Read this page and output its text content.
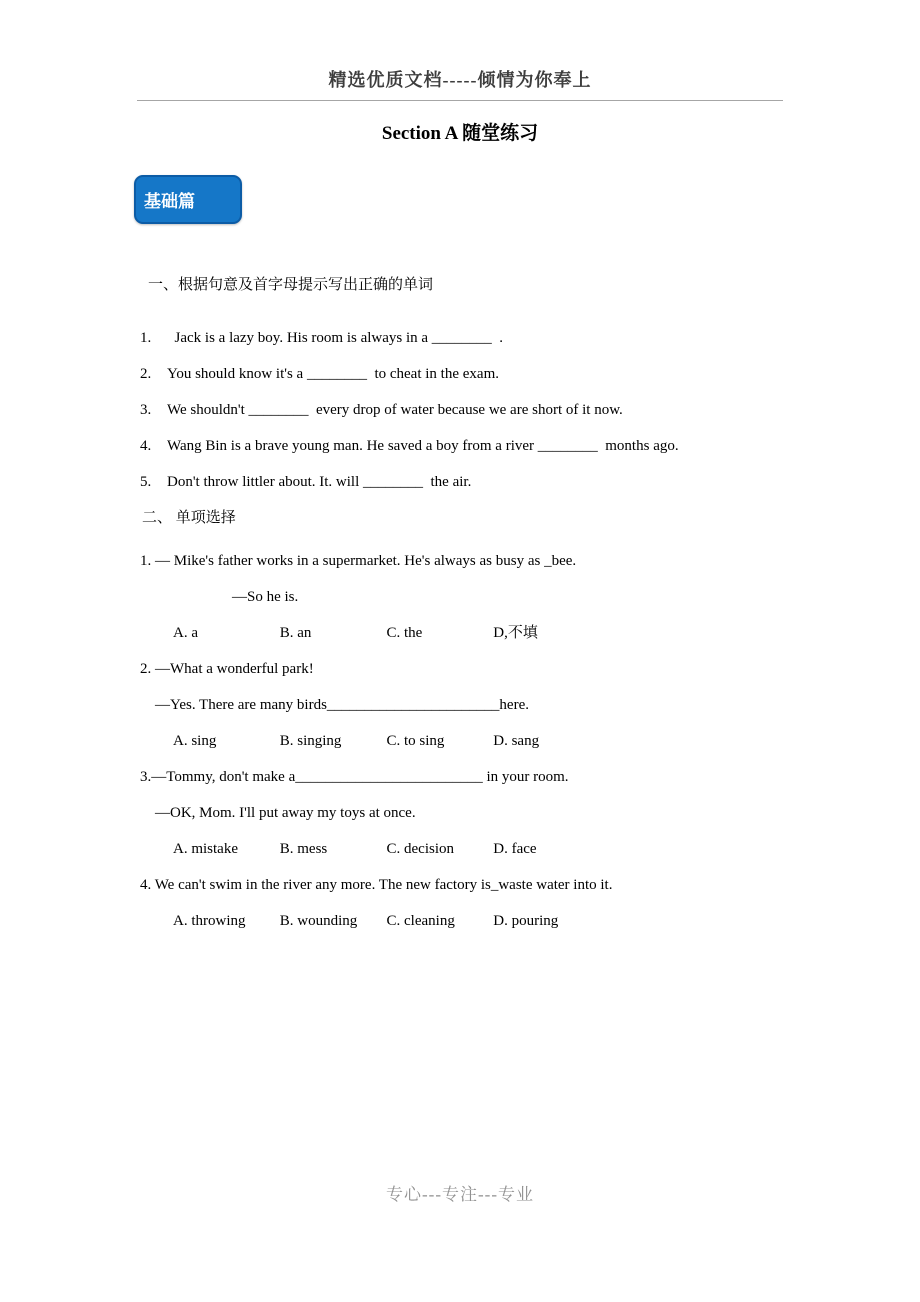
精选优质文档-----倾情为你奉上
Section A 随堂练习
基础篇

一、根据句意及首字母提示写出正确的单词

1.	 Jack is a lazy boy. His room is always in a ________  .
2.	You should know it's a ________  to cheat in the exam.
3.	We shouldn't ________  every drop of water because we are short of it now.
4.	Wang Bin is a brave young man. He saved a boy from a river ________  months ago.
5.	Don't throw littler about. It. will ________  the air.

二、 单项选择

1. — Mike's father works in a supermarket. He's always as busy as _bee.

—So he is.

A. a	B. an	C. the	D,不填

2. —What a wonderful park!

—Yes. There are many birds_______________________here.

A. sing	B. singing	C. to sing	D. sang

3.—Tommy, don't make a_________________________ in your room.

—OK, Mom. I'll put away my toys at once.

A. mistake	B. mess	C. decision	D. face

4. We can't swim in the river any more. The new factory is_waste water into it.

A. throwing B. wounding C. cleaning	D. pouring
专心---专注---专业
